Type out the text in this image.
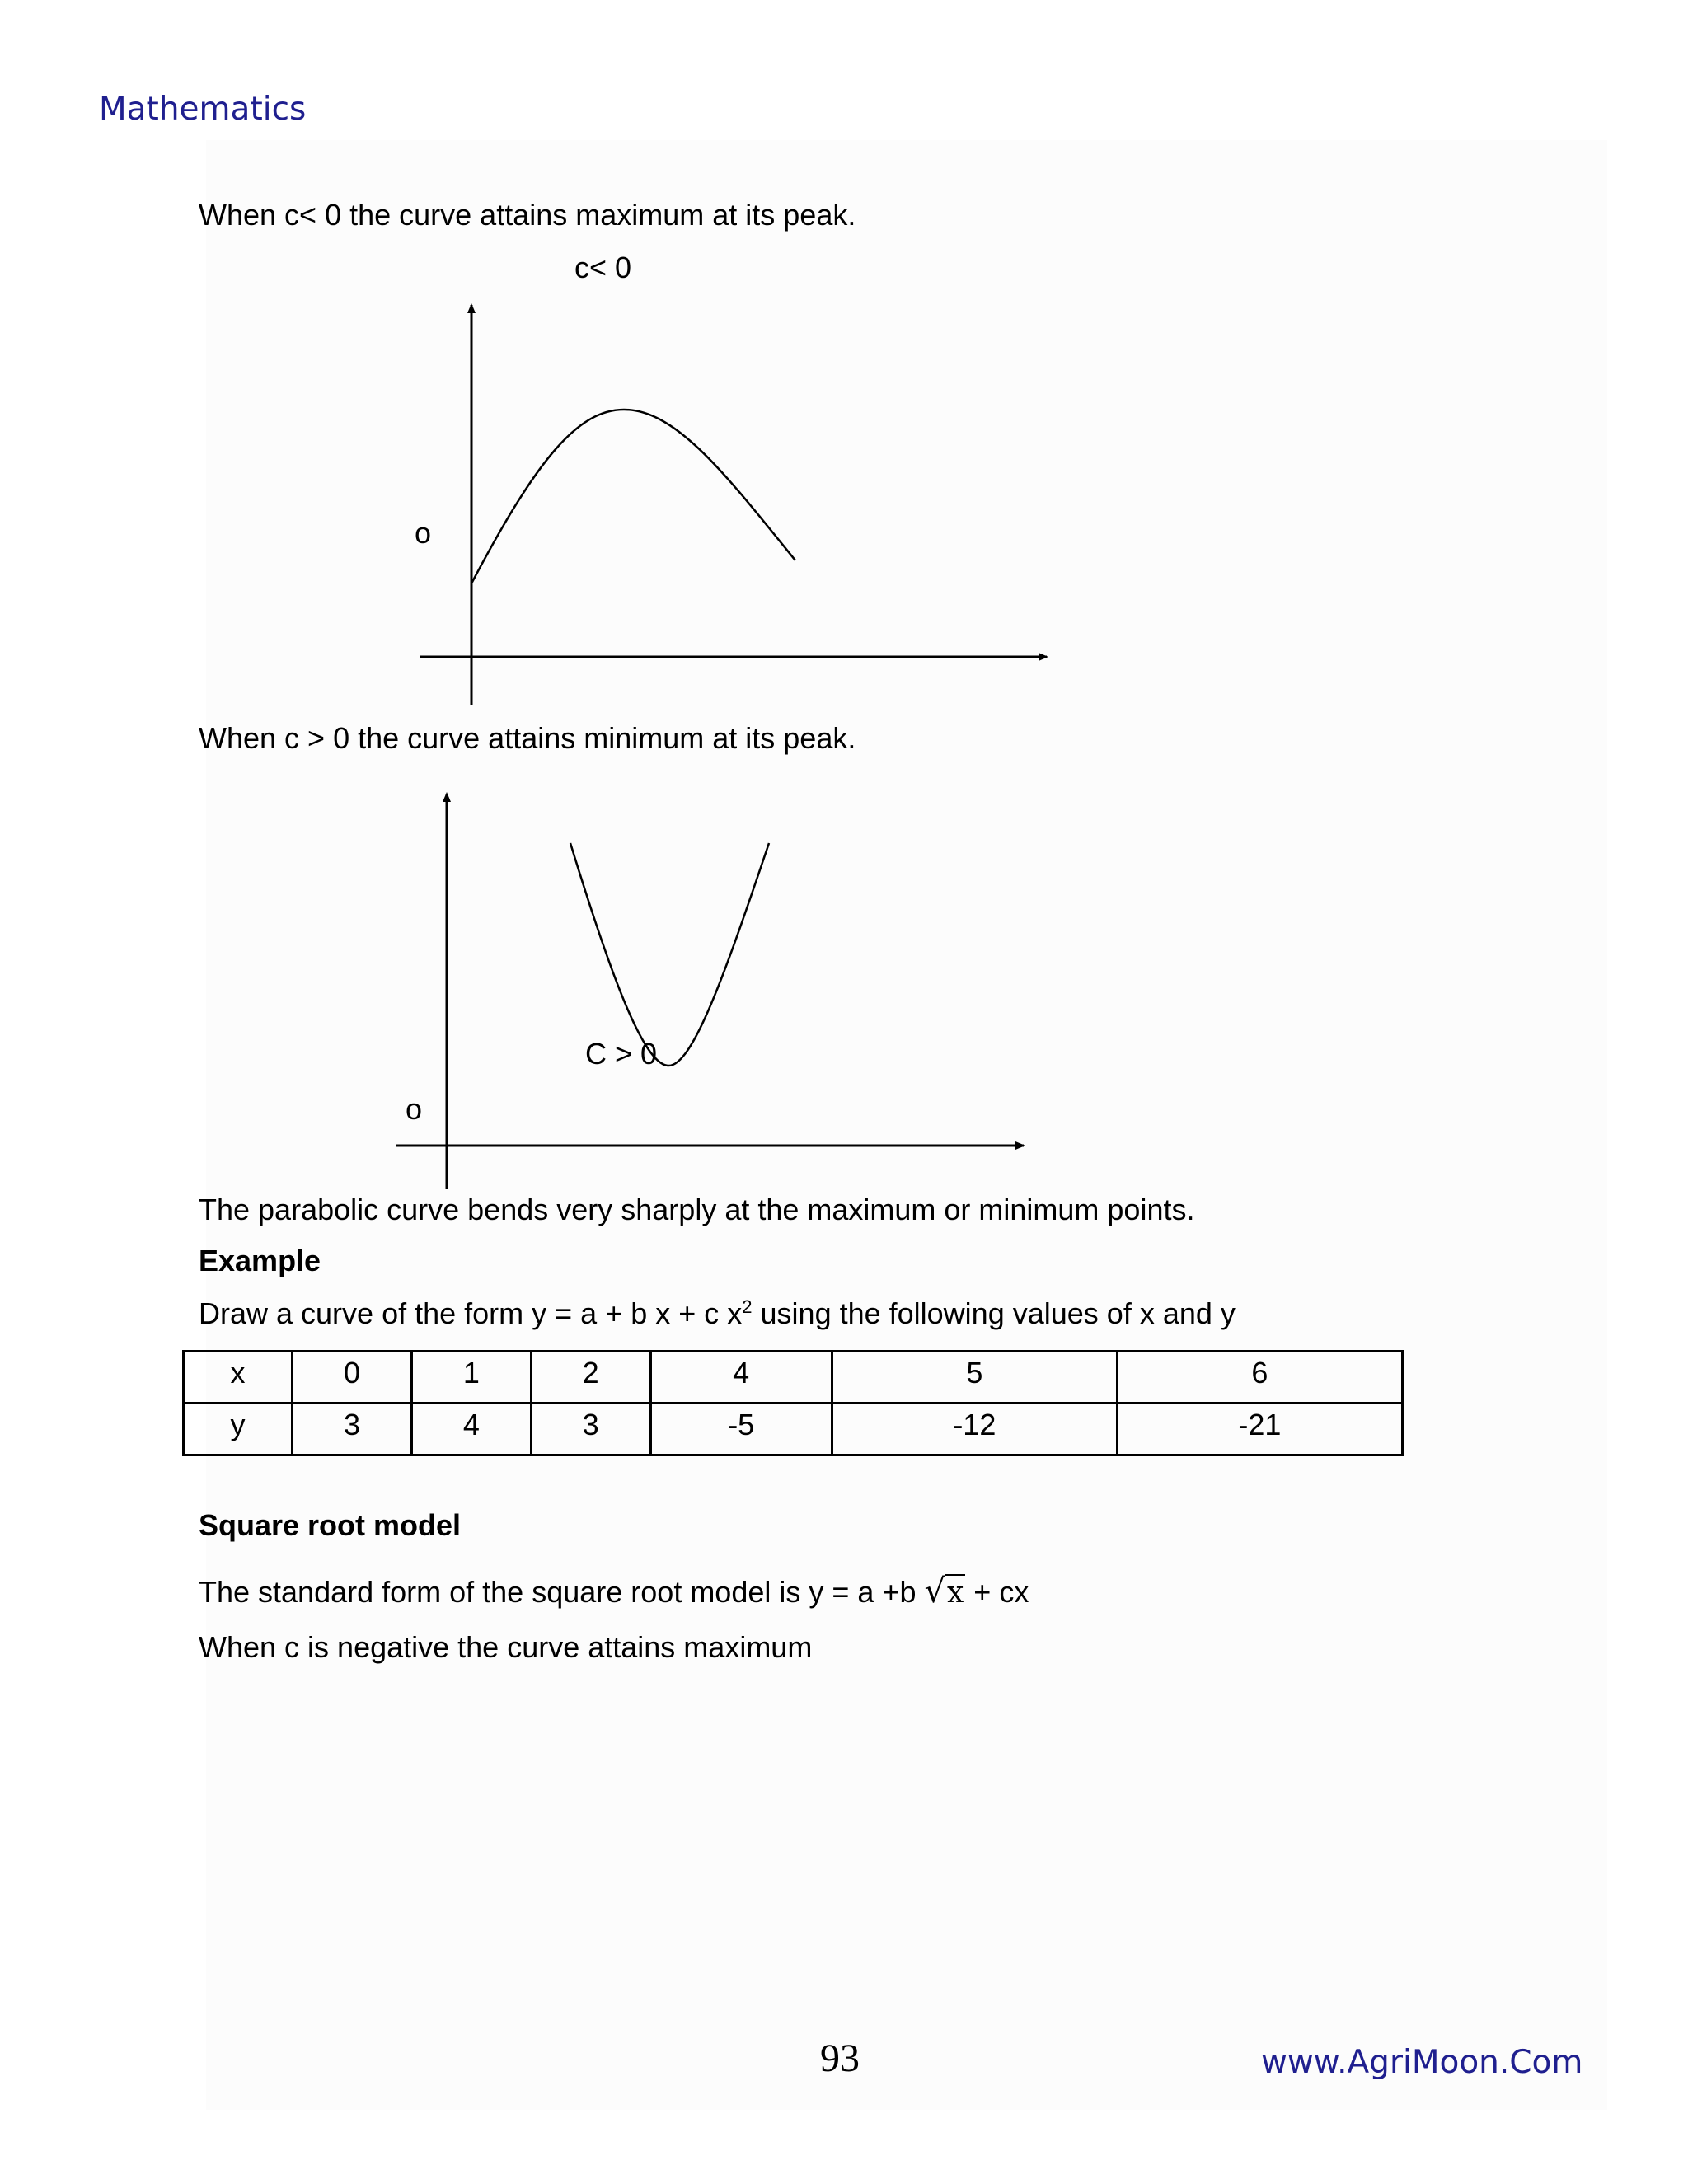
Mathematics
When c< 0 the curve attains maximum at its peak.
c< 0
o
When c > 0 the curve attains minimum at its peak.
C > 0
o
The parabolic curve bends very sharply at the maximum or minimum points.
Example
Draw a curve of the form y = a + b x + c $x^2$ using the following values of x and y
x	0	1	2	4	5	6
y	3	4	3	-5	-12	-21
Square root model
The standard form of the square root model is y = a +b √x + cx
When c is negative the curve attains maximum
93	www.AgriMoon.Com
